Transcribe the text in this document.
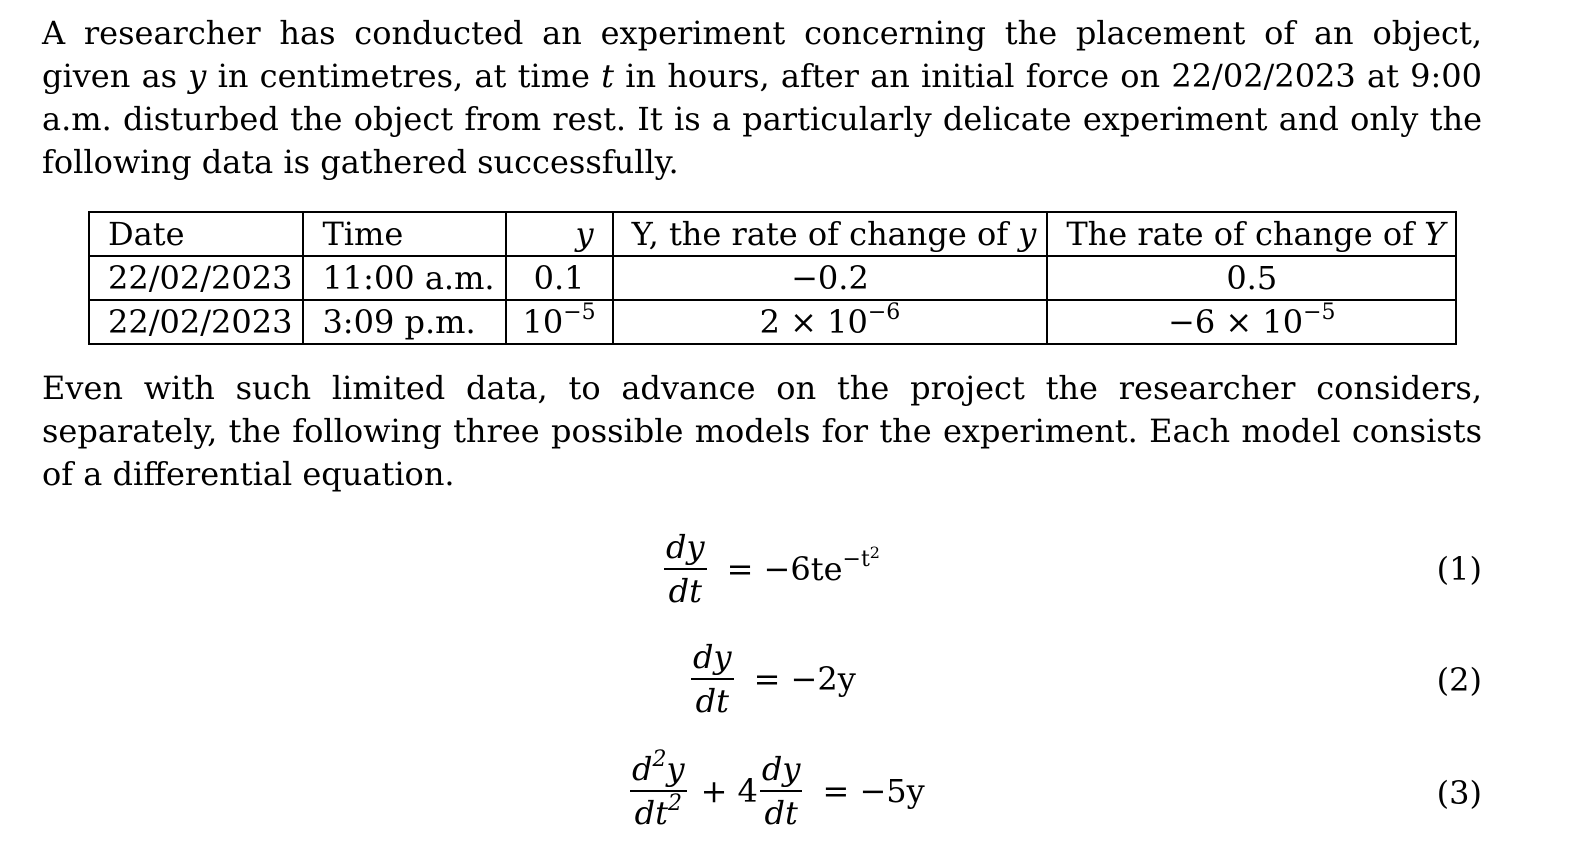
A researcher has conducted an experiment concerning the placement of an object, given as y in centimetres, at time t in hours, after an initial force on 22/02/2023 at 9:00 a.m. disturbed the object from rest. It is a particularly delicate experiment and only the following data is gathered successfully.

Date	Time	y	Y, the rate of change of y	The rate of change of Y
22/02/2023	11:00 a.m.	0.1	−0.2	0.5
22/02/2023	3:09 p.m.	$10^{-5}$	$2 \times 10^{-6}$	$-6 \times 10^{-5}$

Even with such limited data, to advance on the project the researcher considers, separately, the following three possible models for the experiment. Each model consists of a differential equation.

$\frac{dy}{dt} = -6te^{-t^2}$	(1)
$\frac{dy}{dt} = -2y$	(2)
$\frac{d^2y}{dt^2} + 4 \frac{dy}{dt} = -5y$	(3)
